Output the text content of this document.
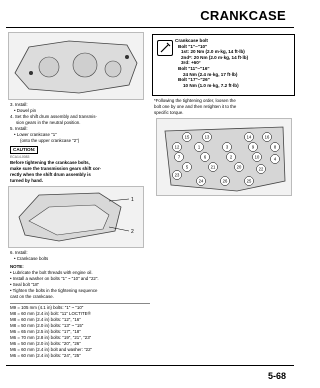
CRANKCASE
3. Install:
• Dowel pin
4. Set the shift drum assembly and transmis-
sion gears in the neutral position.
5. Install:
• Lower crankcase "1"
(onto the upper crankcase "2")
CAUTION:
ECA14-0083
Before tightening the crankcase bolts,
make sure the transmission gears shift cor-
rectly when the shift drum assembly is
turned by hand.
1
2
6. Install:
• Crankcase bolts
NOTE:
• Lubricate the bolt threads with engine oil.
• Install a washer on bolts "1" ~ "10" and "22".
• Seal bolt "18"
• Tighten the bolts in the tightening sequence
cast on the crankcase.
M9 = 105 mm (4.1 in) bolts: "1" ~ "10"
M8 = 60 mm (2.4 in) bolt: "11" LOCTITE®
M8 = 60 mm (2.4 in) bolts: "12", "16"
M8 = 50 mm (2.0 in) bolts: "13" ~ "15"
M6 = 65 mm (2.5 in) bolts: "17", "18"
M6 = 70 mm (2.8 in) bolts: "19", "21", "23"
M6 = 50 mm (2.0 in) bolts: "20", "26"
M6 = 60 mm (2.4 in) bolt and washer: "22"
M6 = 60 mm (2.4 in) bolts: "24", "25"
Crankcase bolt
Bolt "1"~"10"
1st: 20 Nm (2.0 m·kg, 14 ft·lb)
2nd*: 20 Nm (2.0 m·kg, 14 ft·lb)
3rd: +60°
Bolt "11"~"16"
24 Nm (2.4 m·kg, 17 ft·lb)
Bolt "17"~"26"
10 Nm (1.0 m·kg, 7.2 ft·lb)
*Following the tightening order, loosen the
bolt one by one and then retighten it to the
specific torque.
15	13	14	16
12	1	3	9	8
7	6	2	10	4
5	21	20	22
23
24	26	25
5-68
